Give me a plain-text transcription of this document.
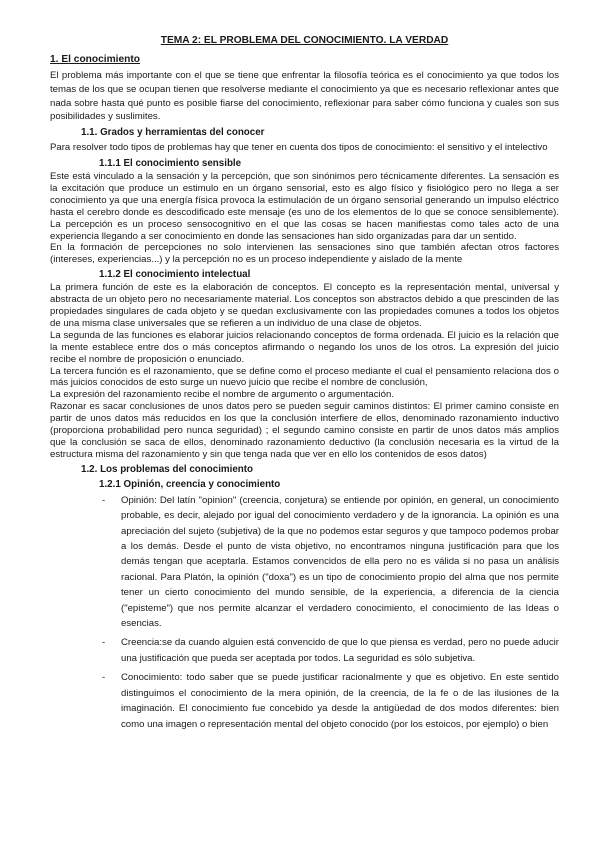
TEMA 2: EL PROBLEMA DEL CONOCIMIENTO. LA VERDAD
1. El conocimiento

El problema más importante con el que se tiene que enfrentar la filosofía teórica es el conocimiento ya que todos los temas de los que se ocupan tienen que resolverse mediante el conocimiento ya que es necesario reflexionar antes que nada sobre hasta qué punto es posible fiarse del conocimiento, reflexionar para saber cómo funciona y cuales son sus posibilidades y suslimites.

1.1. Grados y herramientas del conocer

Para resolver todo tipos de problemas hay que tener en cuenta dos tipos de conocimiento: el sensitivo y el intelectivo

1.1.1 El conocimiento sensible

Este está vinculado a la sensación y la percepción, que son sinónimos pero técnicamente diferentes. La sensación es la excitación que produce un estimulo en un órgano sensorial, esto es algo físico y fisiológico pero no llega a ser conocimiento ya que una energía física provoca la estimulación de un órgano sensorial generando un impulso eléctrico hasta el cerebro donde es descodificado este mensaje (es uno de los elementos de lo que se conoce sensiblemente). La percepción es un proceso sensocognitivo en el que las cosas se hacen manifiestas como tales acto de una experiencia llegando a ser conocimiento en donde las sensaciones han sido organizadas para dar un sentido.

En la formación de percepciones no solo intervienen las sensaciones sino que también afectan otros factores (intereses, experiencias...) y la percepción no es un proceso independiente y aislado de la mente

1.1.2 El conocimiento intelectual

La primera función de este es la elaboración de conceptos. El concepto es la representación mental, universal y abstracta de un objeto pero no necesariamente material. Los conceptos son abstractos debido a que prescinden de las propiedades singulares de cada objeto y se quedan exclusivamente con las propiedades comunes a todos los objetos de una misma clase universales que se refieren a un individuo de una clase de objetos.

La segunda de las funciones es elaborar juicios relacionando conceptos de forma ordenada. El juicio es la relación que la mente establece entre dos o más conceptos afirmando o negando los unos de los otros. La expresión del juicio recibe el nombre de proposición o enunciado.

La tercera función es el razonamiento, que se define como el proceso mediante el cual el pensamiento relaciona dos o más juicios conocidos de esto surge un nuevo juicio que recibe el nombre de conclusión,

La expresión del razonamiento recibe el nombre de argumento o argumentación.

Razonar es sacar conclusiones de unos datos pero se pueden seguir caminos distintos: El primer camino consiste en partir de unos datos más reducidos en los que la conclusión interfiere de ellos, denominado razonamiento inductivo (proporciona probabilidad pero nunca seguridad) ; el segundo camino consiste en partir de unos datos más amplios que la conclusión se saca de ellos, denominado razonamiento deductivo (la conclusión necesaria es la virtud de la estructura misma del razonamiento y sin que tenga nada que ver en ello los contenidos de esos datos)

1.2. Los problemas del conocimiento
1.2.1 Opinión, creencia y conocimiento
- Opinión: Del latín "opinion" (creencia, conjetura) se entiende por opinión, en general, un conocimiento probable, es decir, alejado por igual del conocimiento verdadero y de la ignorancia. La opinión es una apreciación del sujeto (subjetiva) de la que no podemos estar seguros y que tampoco podemos probar a los demás. Desde el punto de vista objetivo, no encontramos ninguna justificación para que los demás tengan que aceptarla. Estamos convencidos de ella pero no es válida si no pasa un análisis racional. Para Platón, la opinión ("doxa") es un tipo de conocimiento propio del alma que nos permite tener un cierto conocimiento del mundo sensible, de la experiencia, a diferencia de la ciencia ("episteme") que nos permite alcanzar el verdadero conocimiento, el conocimiento de las Ideas o esencias.
- Creencia:se da cuando alguien está convencido de que lo que piensa es verdad, pero no puede aducir una justificación que pueda ser aceptada por todos. La seguridad es sólo subjetiva.
- Conocimiento: todo saber que se puede justificar racionalmente y que es objetivo. En este sentido distinguimos el conocimiento de la mera opinión, de la creencia, de la fe o de las ilusiones de la imaginación. El conocimiento fue concebido ya desde la antigüedad de dos modos diferentes: bien como una imagen o representación mental del objeto conocido (por los estoicos, por ejemplo) o bien
